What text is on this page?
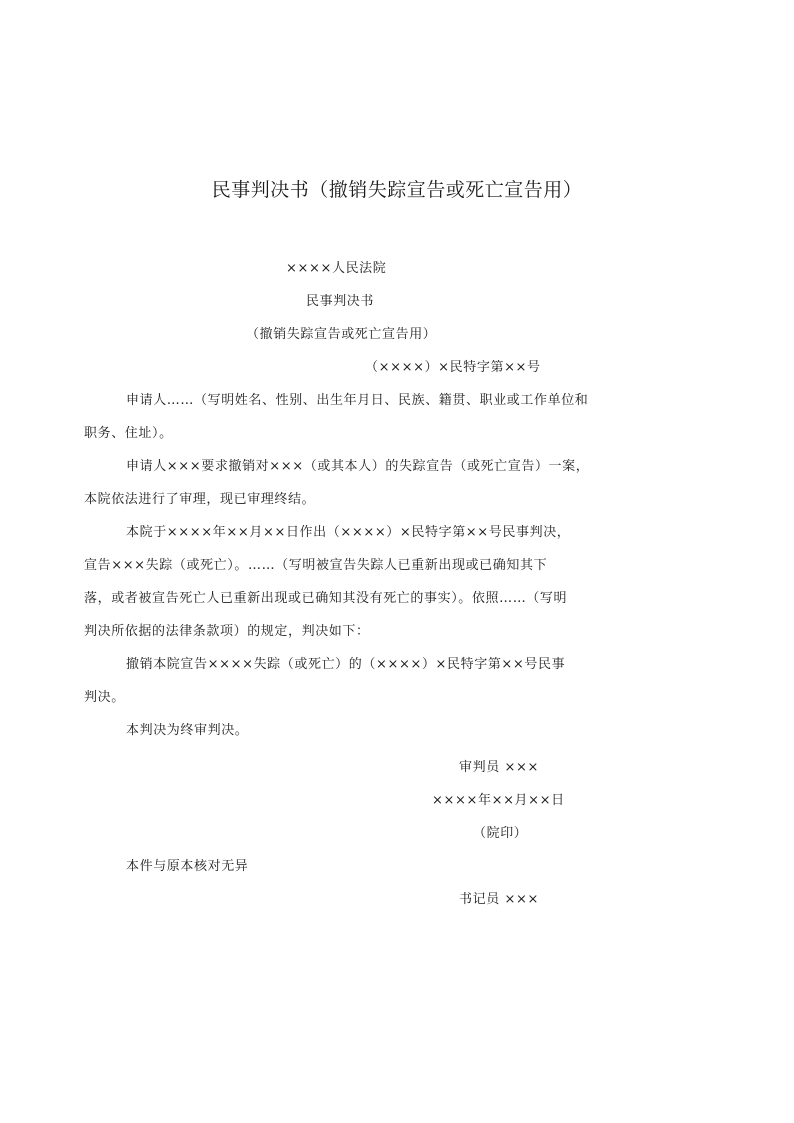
民事判决书（撤销失踪宣告或死亡宣告用）
××××人民法院
民事判决书
（撤销失踪宣告或死亡宣告用）
（××××）×民特字第××号
申请人……（写明姓名、性别、出生年月日、民族、籍贯、职业或工作单位和
职务、住址）。
申请人×××要求撤销对×××（或其本人）的失踪宣告（或死亡宣告）一案，
本院依法进行了审理，现已审理终结。
本院于××××年××月××日作出（××××）×民特字第××号民事判决，
宣告×××失踪（或死亡）。……（写明被宣告失踪人已重新出现或已确知其下
落，或者被宣告死亡人已重新出现或已确知其没有死亡的事实）。依照……（写明
判决所依据的法律条款项）的规定，判决如下：
撤销本院宣告××××失踪（或死亡）的（××××）×民特字第××号民事
判决。
本判决为终审判决。
审判员 ×××
××××年××月××日
（院印）
本件与原本核对无异
书记员 ×××
